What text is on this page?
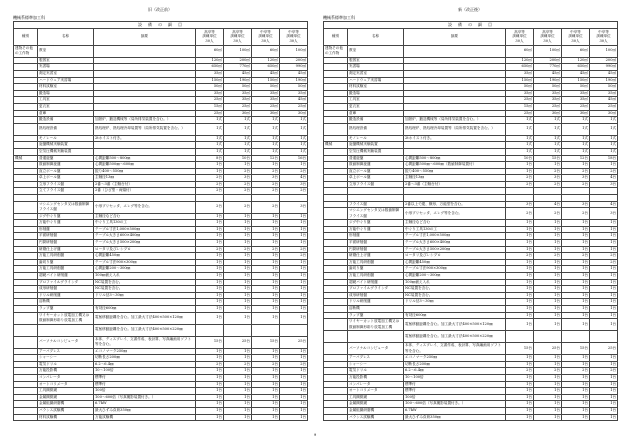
旧（改正前）
機械系標準加工科
設　備　の　細　目						
種別	名称	摘要	高卒等
訓練単位
30人	高卒等
訓練単位
30人	中卒等
訓練単位
30人	中卒等
訓練単位
30人
建物その他
の工作物	教室		60㎡	100㎡	60㎡	100㎡
	製図室		120㎡	200㎡	120㎡	200㎡
	実習場		650㎡	770㎡	650㎡	990㎡
	測定実習室		35㎡	45㎡	45㎡	45㎡
	ハードウェア実習場		150㎡	190㎡	150㎡	190㎡
	材料試験室		50㎡	50㎡	50㎡	50㎡
	鍛造場		35㎡	35㎡	35㎡	35㎡
	工具室		25㎡	35㎡	35㎡	45㎡
	更衣室		15㎡	25㎡	25㎡	25㎡
	倉庫		25㎡	30㎡	30㎡	30㎡
	鍛造設備	加熱炉、鍛造機械等（局所排気装置を含む。）	1式	1式	1式	1式
	熱処理設備	熱処理炉、熱処理冷却装置等（局所排気装置を含む。）	1式	1式	1式	1式
	モノレール	2tホイスト付き。	1式	1式	1式	1式
	旋盤機械実験装置		1式	1式	1式	1式
	空気圧機械実験装置		1式	1式	1式	1式
機械	普通旋盤	心間距離500〜800㎜	8台	10台	12台	16台
	数値制御旋盤	心間距離500㎜〜600㎜	1台	1台	1台	1台
	直立ボール盤	振り400〜550㎜	1台	2台	2台	2台
	卓上ボール盤	主軸径13㎜	2台	3台	3台	4台
	立形フライス盤	2番〜3番（主軸台付）	2台	2台	2台	3台
	立てフライス盤	2番（ひざ型・両頭付）	2台	2台	2台	2台

	マシニングセンタ又は数値制御フライス盤	小形プリセッタ、エレグ等を含む。	2台	2台	2台	3台
	ジグ中ぐり盤	主軸径など含む	1台	1台	1台	1台
	万能中ぐり盤	中ぐり工具130の工	1台	1台	1台	1台
	形削盤	テーブル寸法1,000×500㎜	1台	1台	1台	1台
	平面研削盤	テーブル大きさ600×400㎜	1台	1台	1台	1台
	円筒研削盤	テーブル大きさ500×200㎜	1台	1台	1台	1台
	研磨仕上げ盤	ロータリ及びレシプロ	2台	2台	2台	2台
	万能工具研削盤	心間距離450㎜	1台	1台	1台	2台
	歯切り盤	テーブル寸法900×300㎜	1台	1台	1台	1台
	万能工具研削盤	心間距離200〜300㎜	1台	1台	1台	1台
	超硬バイト研削盤	100㎜嵌え入れ	1台	1台	1台	1台
	プロファイルグラインダ	NC装置を含む。	1台	1台	1台	1台
	成形研削盤	NC装置を含む。	1台	1台	1台	1台
	ドリル研削盤	ドリル径3〜30㎜	1台	1台	1台	1台
	溶断機		1台	1台	1台	1台
	ラップ盤	有効径600㎜	1台	1台	1台	1台
	ワイヤーカット放電加工機又は数値制御形彫り放電加工機	電極移動距離を含む。加工最大寸法400×500×120㎜	1台	1台	1台	1台
		電極移動距離を含む。加工最大寸法400×500×220㎜				
	パーソナルコンピュータ	本体、ディスプレイ、文書作成、表計算、写真編画用ソフト等を含む。	15台	25台	15台	25台
	アーバプレス	エコノマーク250㎜	1台	1台	1台	1台
	シャーシー	切断長さ200㎜	1台	1台	1台	1台
	電気ドリル	6.2〜6.4㎜	2台	2台	2台	2台
	万能投影機	10〜100倍	1台	1台	1台	1台
	コンパレータ	標準付	1台	1台	1台	1台
	オートコリメータ	標準付	1台	1台	1台	1台
	工具顕微鏡	100倍	1台	1台	1台	1台
	金属顕微鏡	100〜600倍（写真撮影装置付き。）	1台	1台	1台	1台
	金属組織研磨機	6.7kW	1台	1台	1台	1台
	バランス試験機	最大ひずみ負荷350㎜	1台	1台	1台	1台
	材料試験機	万能試験機	1台	1台	1台	1台
新（改正後）
機械系標準加工科
設　備　の　細　目						
種別	名称	摘要	高卒等
訓練単位
30人	高卒等
訓練単位
30人	中卒等
訓練単位
30人	中卒等
訓練単位
30人
建物その他
の工作物	教室		60㎡	100㎡	60㎡	100㎡
	製図室		120㎡	200㎡	120㎡	200㎡
	実習場		650㎡	770㎡	650㎡	990㎡
	測定実習室		35㎡	45㎡	45㎡	45㎡
	ハードウェア実習場		150㎡	190㎡	150㎡	190㎡
	材料試験室		50㎡	50㎡	50㎡	50㎡
	鍛造場		35㎡	35㎡	35㎡	35㎡
	工具室		25㎡	35㎡	35㎡	45㎡
	更衣室		15㎡	25㎡	25㎡	25㎡
	倉庫		25㎡	30㎡	30㎡	30㎡
	鍛造設備	加熱炉、鍛造機械等（局所排気装置を含む。）	1式	1式	1式	1式
	熱処理設備	熱処理炉、熱処理冷却装置等（局所排気装置を含む。）	1式	1式	1式	1式
	モノレール	2tホイスト付き。	1式	1式	1式	1式
機械	旋盤機械実験装置		1式	1式	1式	1式
	空気圧機械実験装置		1式	1式	1式	1式
	普通旋盤	心間距離500〜800㎜	10台	15台	12台	18台
	数値制御旋盤	心間距離500㎜〜600㎜（数値制御装置付）	1台	1台	1台	1台
	直立ボール盤	振り400〜550㎜	1台	2台	2台	2台
	卓上ボール盤	主軸径13㎜	2台	3台	3台	4台
	立形フライス盤	2番〜3番（主軸台付）	2台	2台	2台	3台

	フライス盤	2番以上で縦、横形、万能型を含む。	3台	4台	3台	4台
	マシニングセンタ又は数値制御フライス盤	小形プリセッタ、エレグ等を含む。	2台	2台	2台	3台
	ジグ中ぐり盤	主軸径など含む	1台	1台	1台	1台
	万能中ぐり盤	中ぐり工具130の工	1台	1台	1台	1台
	形削盤	テーブル寸法1,000×500㎜	1台	1台	1台	1台
	平面研削盤	テーブル大きさ600×400㎜	1台	1台	1台	1台
	円筒研削盤	テーブル大きさ500×200㎜	1台	1台	1台	1台
	研磨仕上げ盤	ロータリ及びレシプロ	2台	2台	2台	2台
	万能工具研削盤	心間距離450㎜	1台	1台	1台	2台
	歯切り盤	テーブル寸法900×300㎜	1台	1台	1台	1台
	万能工具研削盤	心間距離200〜300㎜	1台	1台	1台	1台
	超硬バイト研削盤	100㎜嵌え入れ	1台	1台	1台	1台
	プロファイルグラインダ	NC装置を含む。	1台	1台	1台	1台
	成形研削盤	NC装置を含む。	1台	1台	1台	1台
	ドリル研削盤	ドリル径3〜30㎜	1台	1台	1台	1台
	溶断機		1台	1台	1台	1台
	ラップ盤	有効径600㎜	1台	1台	1台	1台
	ワイヤーカット放電加工機又は数値制御形彫り放電加工機	電極移動距離を含む。加工最大寸法400×500×120㎜	1台	1台	1台	1台
		電極移動距離を含む。加工最大寸法400×500×220㎜				
	パーソナルコンピュータ	本体、ディスプレイ、文書作成、表計算、写真編画用ソフト等を含む。	15台	25台	15台	25台
	アーバプレス	エコノマーク250㎜	1台	1台	1台	1台
	シャーシー	切断長さ200㎜	1台	1台	1台	1台
	電気ドリル	6.2〜6.4㎜	2台	2台	2台	2台
	万能投影機	10〜100倍	1台	1台	1台	1台
	コンパレータ	標準付	1台	1台	1台	1台
	オートコリメータ	標準付	1台	1台	1台	1台
	工具顕微鏡	100倍	1台	1台	1台	1台
	金属顕微鏡	100〜600倍（写真撮影装置付き。）	1台	1台	1台	1台
	金属組織研磨機	6.7kW	1台	1台	1台	1台
	バランス試験機	最大ひずみ負荷350㎜	1台	1台	1台	1台
9
